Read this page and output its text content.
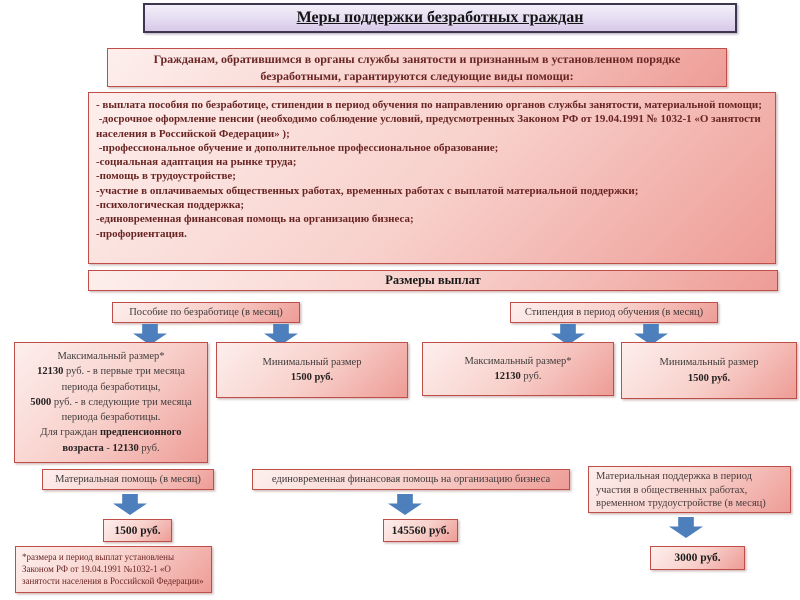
Меры поддержки безработных граждан
Гражданам, обратившимся в органы службы занятости и признанным в установленном порядке безработными, гарантируются следующие виды помощи:
- выплата пособия по безработице, стипендии в период обучения по направлению органов службы занятости, материальной помощи;
-досрочное оформление пенсии (необходимо соблюдение условий, предусмотренных Законом РФ от 19.04.1991 № 1032-1 «О занятости населения в Российской Федерации» );
-профессиональное обучение и дополнительное профессиональное образование;
-социальная адаптация на рынке труда;
-помощь в трудоустройстве;
-участие в оплачиваемых общественных работах, временных работах с выплатой материальной поддержки;
-психологическая поддержка;
-единовременная финансовая помощь на организацию бизнеса;
-профориентация.
Размеры выплат
Пособие по безработице (в месяц)	Стипендия в период обучения (в месяц)
Максимальный размер*
12130 руб. - в первые три месяца
периода безработицы,
5000 руб. - в следующие три месяца
периода безработицы.
Для граждан предпенсионного
возраста - 12130 руб.
Минимальный размер
1500 руб.
Максимальный размер*
12130 руб.
Минимальный размер
1500 руб.
Материальная помощь (в месяц)	единовременная финансовая помощь на организацию бизнеса	Материальная поддержка в период участия в общественных работах, временном трудоустройстве (в месяц)
1500 руб.	145560 руб.
3000 руб.
*размера и период выплат установлены Законом РФ от 19.04.1991 №1032-1 «О занятости населения в Российской Федерации»
